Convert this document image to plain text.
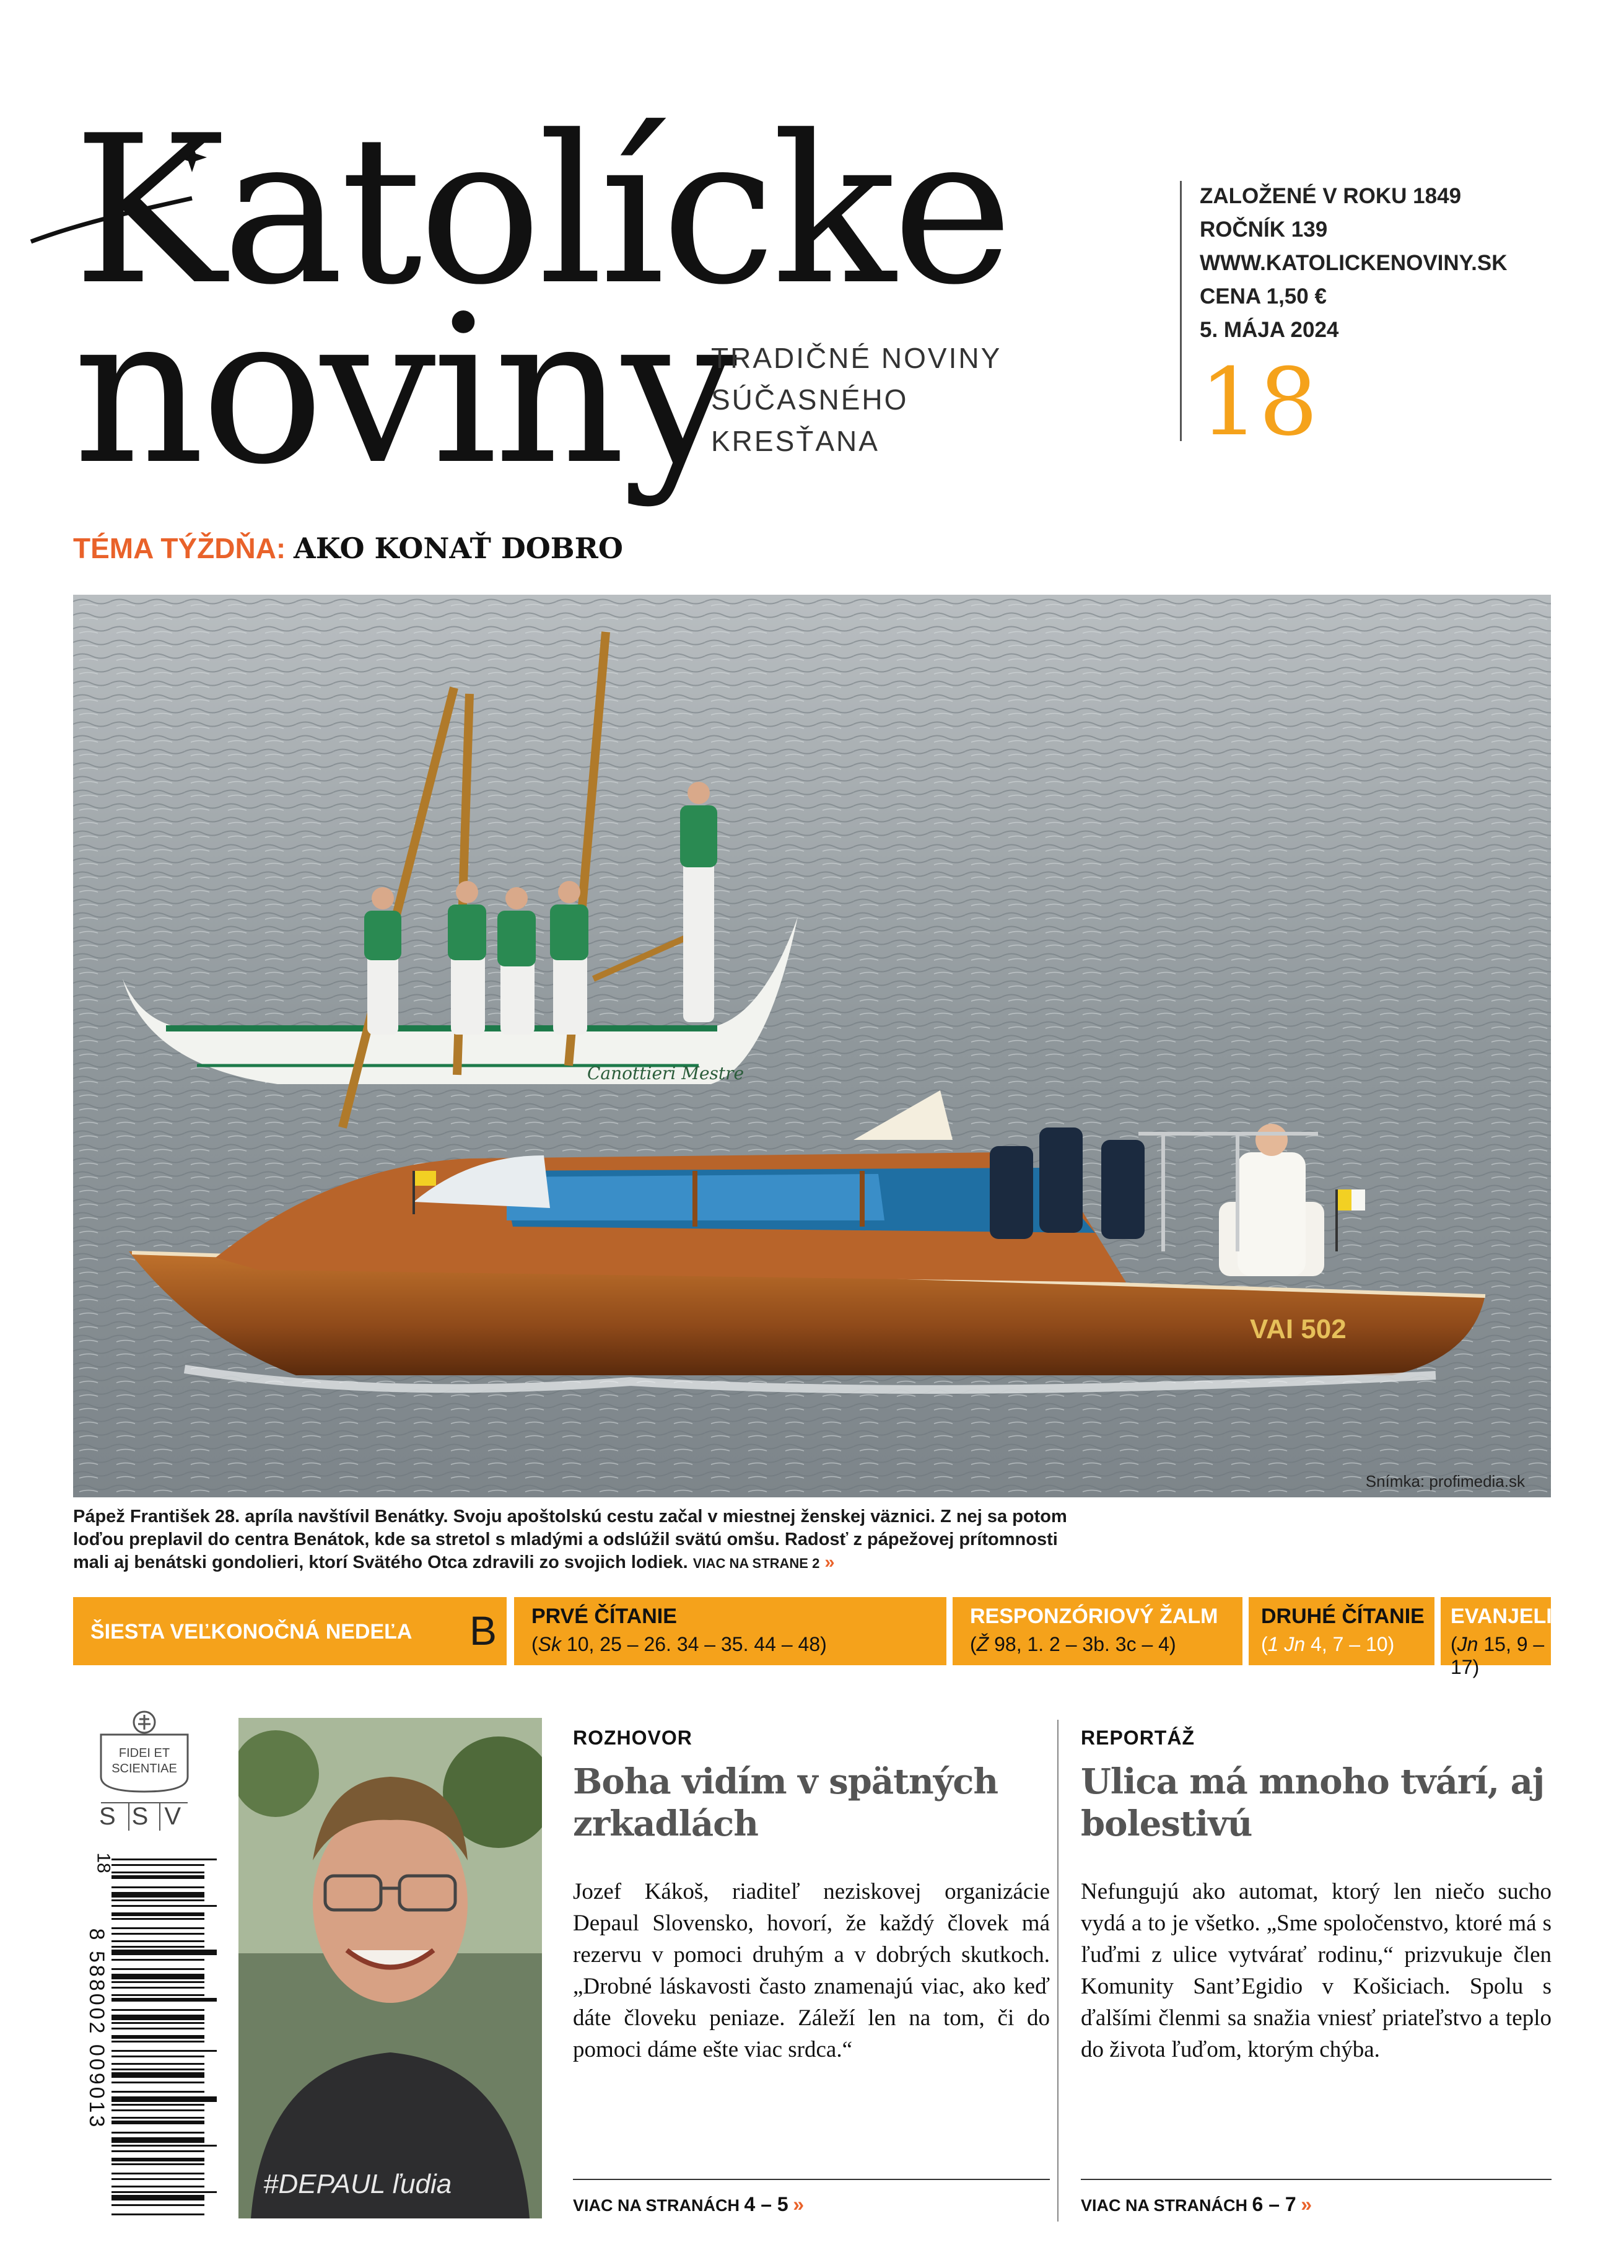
Katolícke
noviny
TRADIČNÉ NOVINY
SÚČASNÉHO
KRESŤANA
ZALOŽENÉ V ROKU 1849
ROČNÍK 139
WWW.KATOLICKENOVINY.SK
CENA 1,50 €
5. MÁJA 2024
18
TÉMA TÝŽDŇA: AKO KONAŤ DOBRO
Canottieri Mestre
VAI 502
Snímka: profimedia.sk
Pápež František 28. apríla navštívil Benátky. Svoju apoštolskú cestu začal v miestnej ženskej väznici. Z nej sa potom
loďou preplavil do centra Benátok, kde sa stretol s mladými a odslúžil svätú omšu. Radosť z pápežovej prítomnosti
mali aj benátski gondolieri, ktorí Svätého Otca zdravili zo svojich lodiek. VIAC NA STRANE 2 »
ŠIESTA VEĽKONOČNÁ NEDEĽA B PRVÉ ČÍTANIE
(Sk 10, 25 – 26. 34 – 35. 44 – 48)
RESPONZÓRIOVÝ ŽALM
(Ž 98, 1. 2 – 3b. 3c – 4)
DRUHÉ ČÍTANIE
(1 Jn 4, 7 – 10)
EVANJELIUM
(Jn 15, 9 – 17)
FIDEI ET
SCIENTIAE
SSV
8 588002 009013
18
#DEPAUL ľudia
ROZHOVOR
Boha vidím v spätných
zrkadlách
Jozef Kákoš, riaditeľ neziskovej organizácie Depaul Slovensko, hovorí, že každý človek má rezervu v pomoci druhým a v dobrých skutkoch. „Drobné láskavosti často znamenajú viac, ako keď dáte človeku peniaze. Záleží len na tom, či do pomoci dáme ešte viac srdca.“
VIAC NA STRANÁCH 4 – 5 »
REPORTÁŽ
Ulica má mnoho tvárí, aj
bolestivú
Nefungujú ako automat, ktorý len niečo sucho vydá a to je všetko. „Sme spoločenstvo, ktoré má s ľuďmi z ulice vytvárať rodinu,“ prizvukuje člen Komunity Sant’Egidio v Košiciach. Spolu s ďalšími členmi sa snažia vniesť priateľstvo a teplo do života ľuďom, ktorým chýba.
VIAC NA STRANÁCH 6 – 7 »
